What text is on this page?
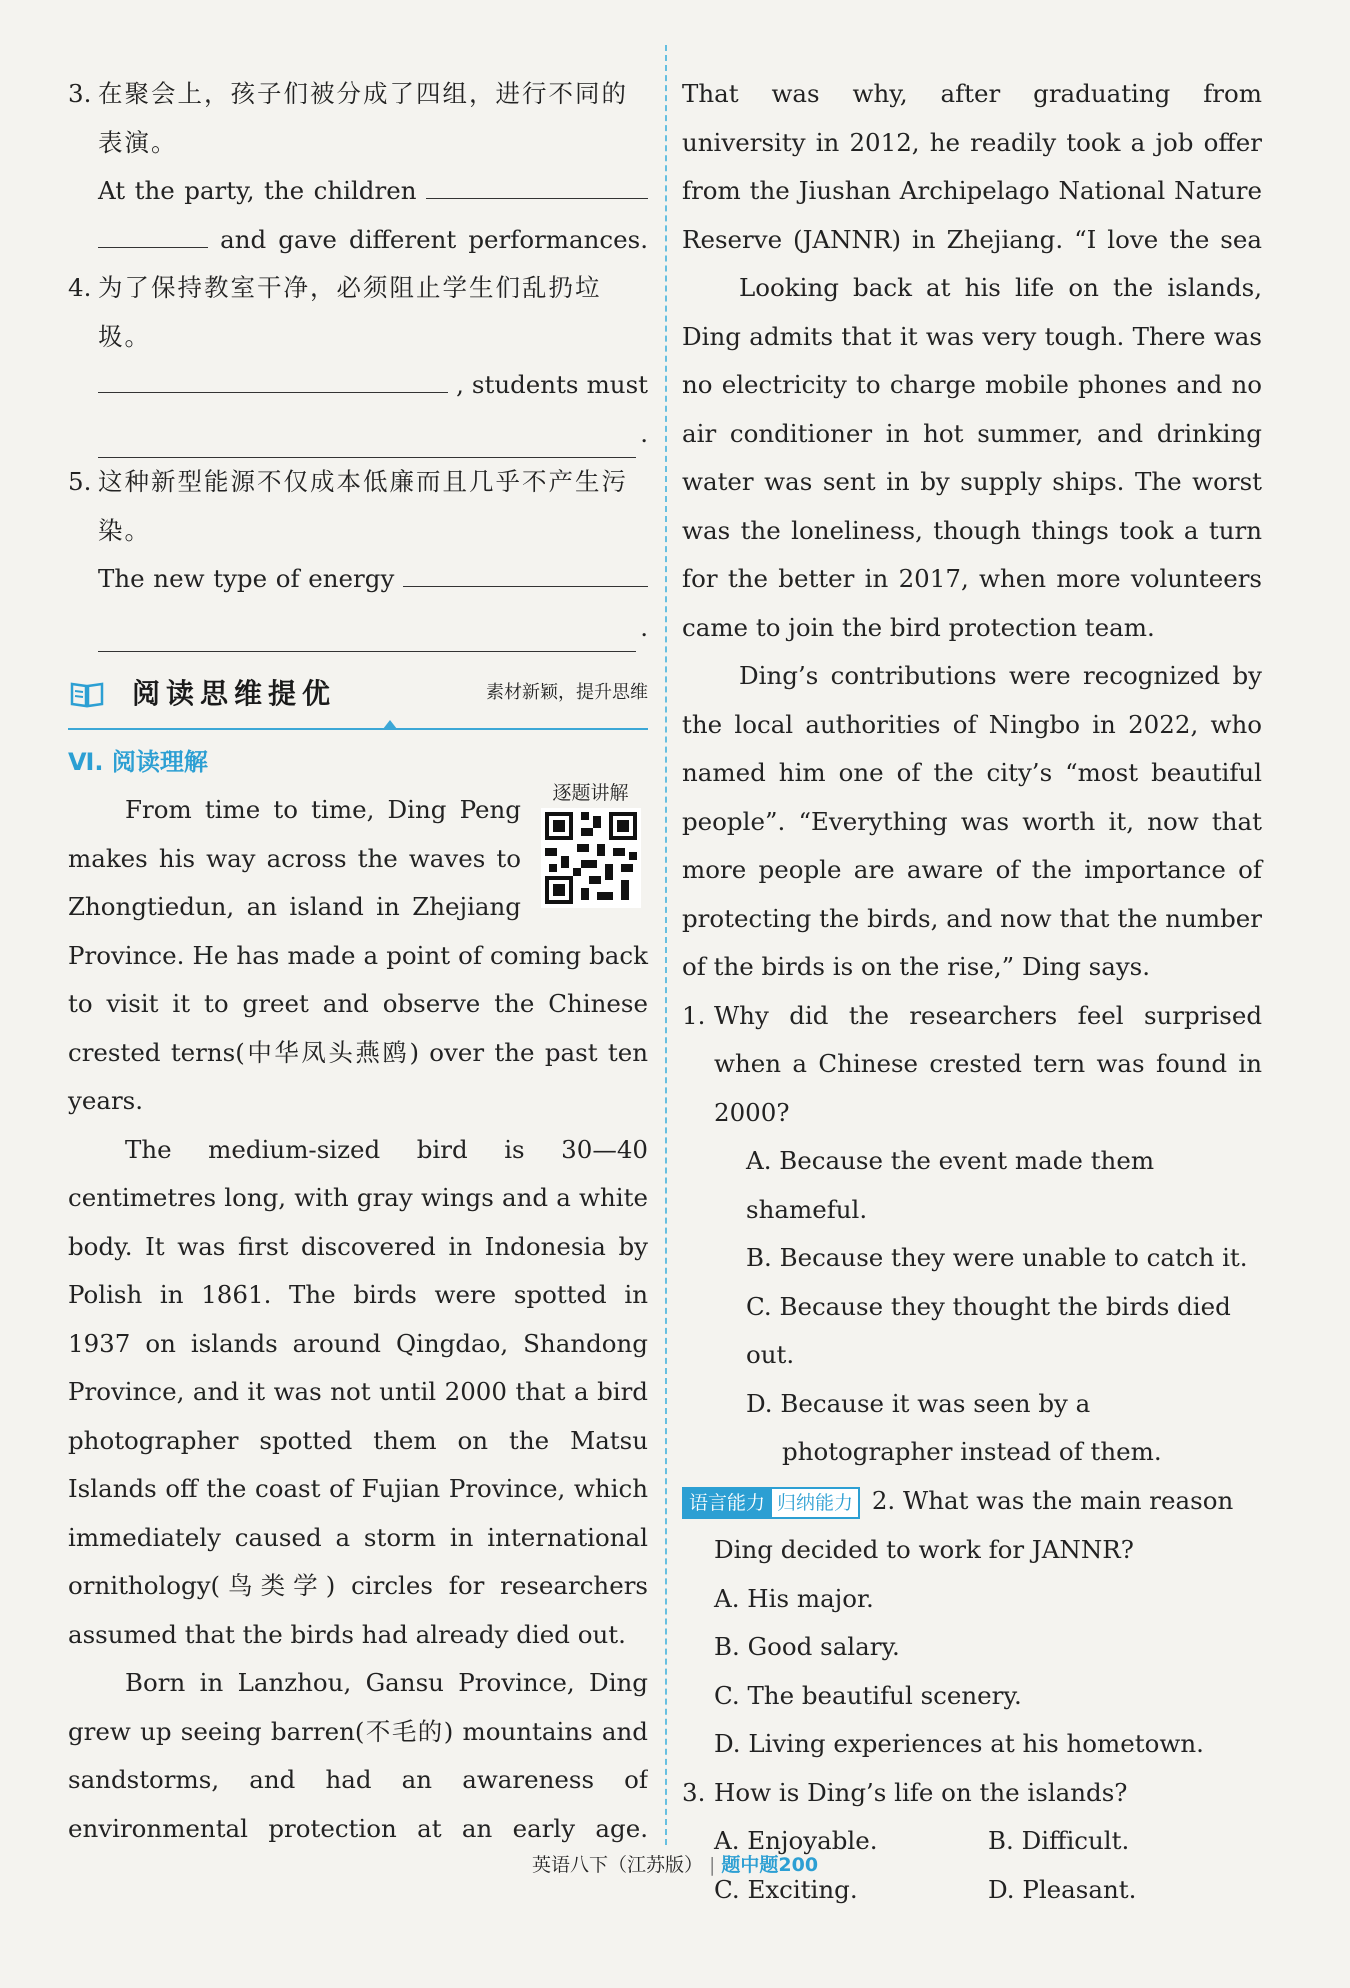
3. 在聚会上，孩子们被分成了四组，进行不同的表演。
At the party, the children
and gave different performances.
4. 为了保持教室干净，必须阻止学生们乱扔垃圾。
, students must
.
5. 这种新型能源不仅成本低廉而且几乎不产生污染。
The new type of energy
.
阅读思维提优	素材新颖，提升思维
Ⅵ. 阅读理解
逐题讲解
From time to time, Ding Peng makes his way across the waves to Zhongtiedun, an island in Zhejiang Province. He has made a point of coming back to visit it to greet and observe the Chinese crested terns(中华凤头燕鸥) over the past ten years.
The medium-sized bird is 30—40 centimetres long, with gray wings and a white body. It was first discovered in Indonesia by Polish in 1861. The birds were spotted in 1937 on islands around Qingdao, Shandong Province, and it was not until 2000 that a bird photographer spotted them on the Matsu Islands off the coast of Fujian Province, which immediately caused a storm in international ornithology(鸟类学) circles for researchers assumed that the birds had already died out.
Born in Lanzhou, Gansu Province, Ding grew up seeing barren(不毛的) mountains and sandstorms, and had an awareness of environmental protection at an early age.
That was why, after graduating from university in 2012, he readily took a job offer from the Jiushan Archipelago National Nature Reserve (JANNR) in Zhejiang. “I love the sea
Looking back at his life on the islands, Ding admits that it was very tough. There was no electricity to charge mobile phones and no air conditioner in hot summer, and drinking water was sent in by supply ships. The worst was the loneliness, though things took a turn for the better in 2017, when more volunteers came to join the bird protection team.
Ding’s contributions were recognized by the local authorities of Ningbo in 2022, who named him one of the city’s “most beautiful people”. “Everything was worth it, now that more people are aware of the importance of protecting the birds, and now that the number of the birds is on the rise,” Ding says.
1. Why did the researchers feel surprised when a Chinese crested tern was found in 2000?
A. Because the event made them shameful.
B. Because they were unable to catch it.
C. Because they thought the birds died out.
D. Because it was seen by a photographer instead of them.
语言能力 归纳能力 2. What was the main reason
Ding decided to work for JANNR?
A. His major.
B. Good salary.
C. The beautiful scenery.
D. Living experiences at his hometown.
3. How is Ding’s life on the islands?
A. Enjoyable.	B. Difficult.
C. Exciting.	D. Pleasant.
英语八下（江苏版） | 题中题200
